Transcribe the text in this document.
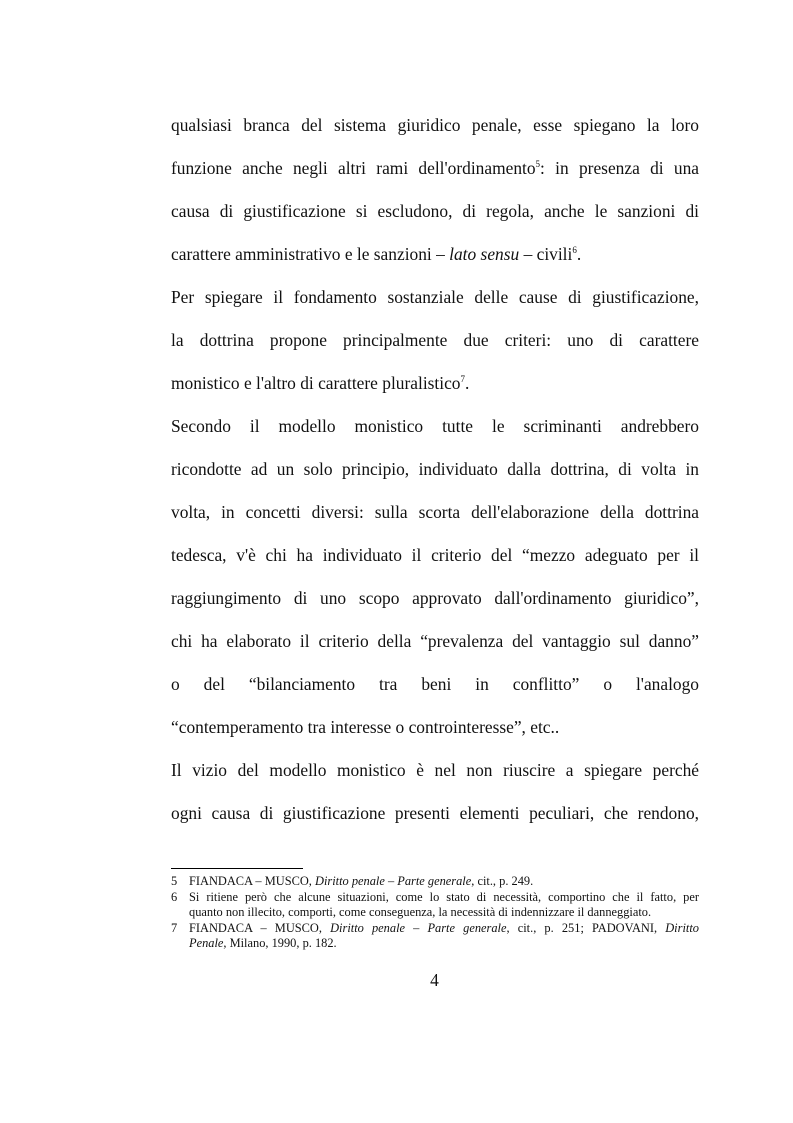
qualsiasi branca del sistema giuridico penale, esse spiegano la loro
funzione anche negli altri rami dell'ordinamento$^5$: in presenza di una
causa di giustificazione si escludono, di regola, anche le sanzioni di
carattere amministrativo e le sanzioni – lato sensu – civili$^6$.
Per spiegare il fondamento sostanziale delle cause di giustificazione,
la dottrina propone principalmente due criteri: uno di carattere
monistico e l'altro di carattere pluralistico$^7$.
Secondo il modello monistico tutte le scriminanti andrebbero
ricondotte ad un solo principio, individuato dalla dottrina, di volta in
volta, in concetti diversi: sulla scorta dell'elaborazione della dottrina
tedesca, v'è chi ha individuato il criterio del “mezzo adeguato per il
raggiungimento di uno scopo approvato dall'ordinamento giuridico”,
chi ha elaborato il criterio della “prevalenza del vantaggio sul danno”
o del “bilanciamento tra beni in conflitto” o l'analogo
“contemperamento tra interesse o controinteresse”, etc..
Il vizio del modello monistico è nel non riuscire a spiegare perché
ogni causa di giustificazione presenti elementi peculiari, che rendono,
5 FIANDACA – MUSCO, Diritto penale – Parte generale, cit., p. 249.
6 Si ritiene però che alcune situazioni, come lo stato di necessità, comportino che il fatto, per
quanto non illecito, comporti, come conseguenza, la necessità di indennizzare il danneggiato.
7 FIANDACA – MUSCO, Diritto penale – Parte generale, cit., p. 251; PADOVANI, Diritto
Penale, Milano, 1990, p. 182.
4
